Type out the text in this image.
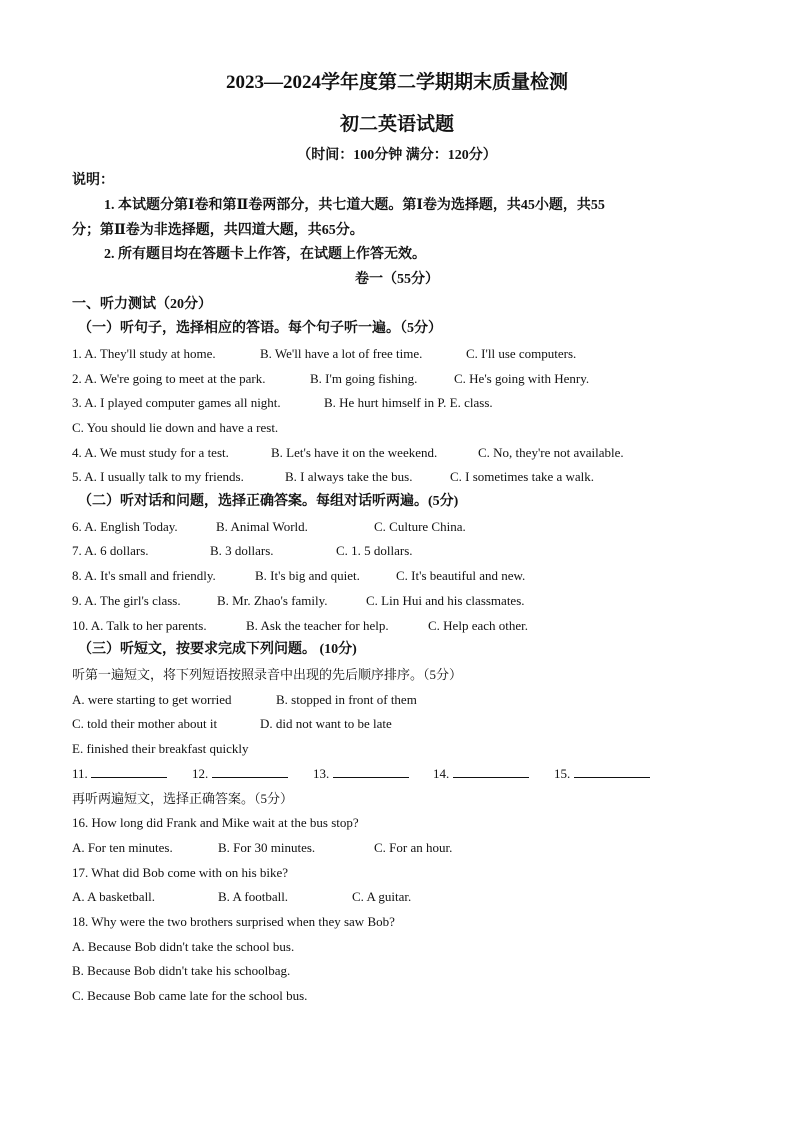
2023—2024学年度第二学期期末质量检测
初二英语试题
（时间：100分钟 满分：120分）
说明：
1. 本试题分第Ⅰ卷和第Ⅱ卷两部分，共七道大题。第Ⅰ卷为选择题，共45小题，共55
分；第Ⅱ卷为非选择题，共四道大题，共65分。
2. 所有题目均在答题卡上作答，在试题上作答无效。
卷一（55分）
一、听力测试（20分）
（一）听句子，选择相应的答语。每个句子听一遍。（5分）
1. A. They'll study at home.	B. We'll have a lot of free time.	C. I'll use computers.
2. A. We're going to meet at the park.	B. I'm going fishing.	C. He's going with Henry.
3. A. I played computer games all night.	B. He hurt himself in P. E. class.
C. You should lie down and have a rest.
4. A. We must study for a test.	B. Let's have it on the weekend.	C. No, they're not available.
5. A. I usually talk to my friends.	B. I always take the bus.	C. I sometimes take a walk.
（二）听对话和问题，选择正确答案。每组对话听两遍。(5分)
6. A. English Today.	B. Animal World.	C. Culture China.
7. A. 6 dollars.	B. 3 dollars.	C. 1. 5 dollars.
8. A. It's small and friendly.	B. It's big and quiet.	C. It's beautiful and new.
9. A. The girl's class.	B. Mr. Zhao's family.	C. Lin Hui and his classmates.
10. A. Talk to her parents.	B. Ask the teacher for help.	C. Help each other.
（三）听短文，按要求完成下列问题。 (10分)
听第一遍短文，将下列短语按照录音中出现的先后顺序排序。（5分）
A. were starting to get worried	B. stopped in front of them
C. told their mother about it	D. did not want to be late
E. finished their breakfast quickly
11.	12.	13.	14.	15.
再听两遍短文，选择正确答案。（5分）
16. How long did Frank and Mike wait at the bus stop?
A. For ten minutes.	B. For 30 minutes.	C. For an hour.
17. What did Bob come with on his bike?
A. A basketball.	B. A football.	C. A guitar.
18. Why were the two brothers surprised when they saw Bob?
A. Because Bob didn't take the school bus.
B. Because Bob didn't take his schoolbag.
C. Because Bob came late for the school bus.
